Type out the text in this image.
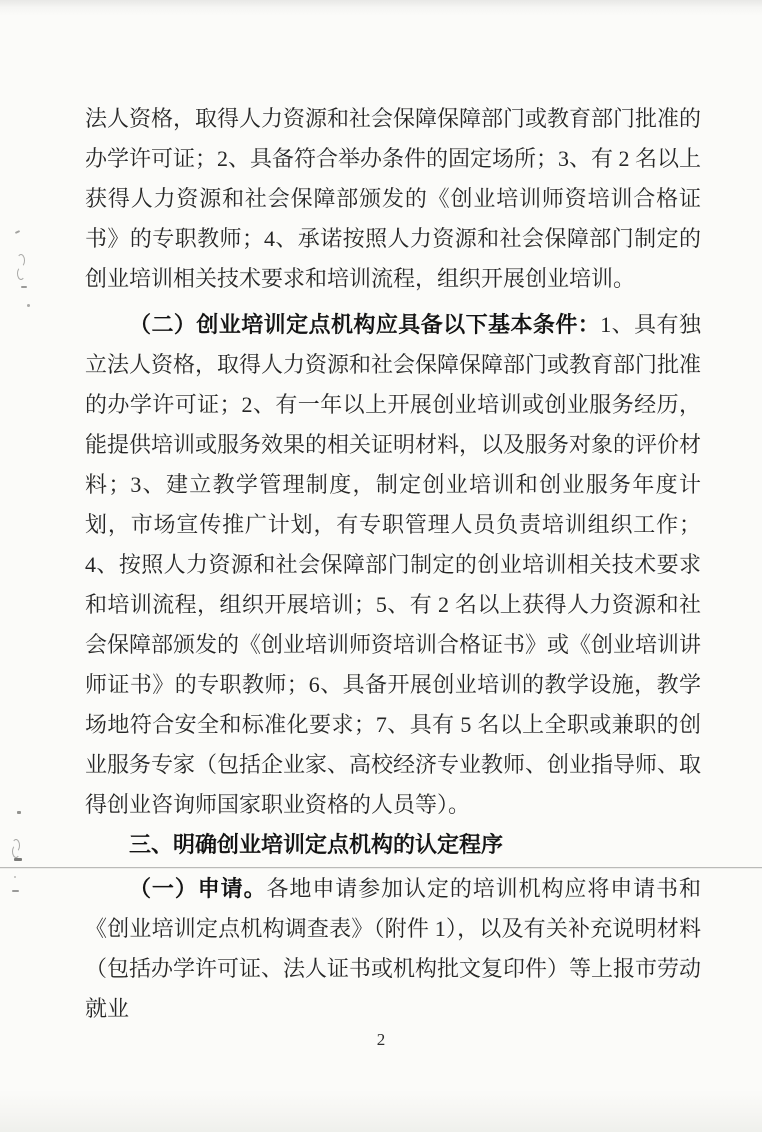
法人资格，取得人力资源和社会保障保障部门或教育部门批准的办学许可证；2、具备符合举办条件的固定场所；3、有 2 名以上获得人力资源和社会保障部颁发的《创业培训师资培训合格证书》的专职教师；4、承诺按照人力资源和社会保障部门制定的创业培训相关技术要求和培训流程，组织开展创业培训。

（二）创业培训定点机构应具备以下基本条件：1、具有独立法人资格，取得人力资源和社会保障保障部门或教育部门批准的办学许可证；2、有一年以上开展创业培训或创业服务经历，能提供培训或服务效果的相关证明材料，以及服务对象的评价材料；3、建立教学管理制度，制定创业培训和创业服务年度计划，市场宣传推广计划，有专职管理人员负责培训组织工作；4、按照人力资源和社会保障部门制定的创业培训相关技术要求和培训流程，组织开展培训；5、有 2 名以上获得人力资源和社会保障部颁发的《创业培训师资培训合格证书》或《创业培训讲师证书》的专职教师；6、具备开展创业培训的教学设施，教学场地符合安全和标准化要求；7、具有 5 名以上全职或兼职的创业服务专家（包括企业家、高校经济专业教师、创业指导师、取得创业咨询师国家职业资格的人员等）。

三、明确创业培训定点机构的认定程序

（一）申请。各地申请参加认定的培训机构应将申请书和《创业培训定点机构调查表》（附件 1），以及有关补充说明材料（包括办学许可证、法人证书或机构批文复印件）等上报市劳动就业

2
